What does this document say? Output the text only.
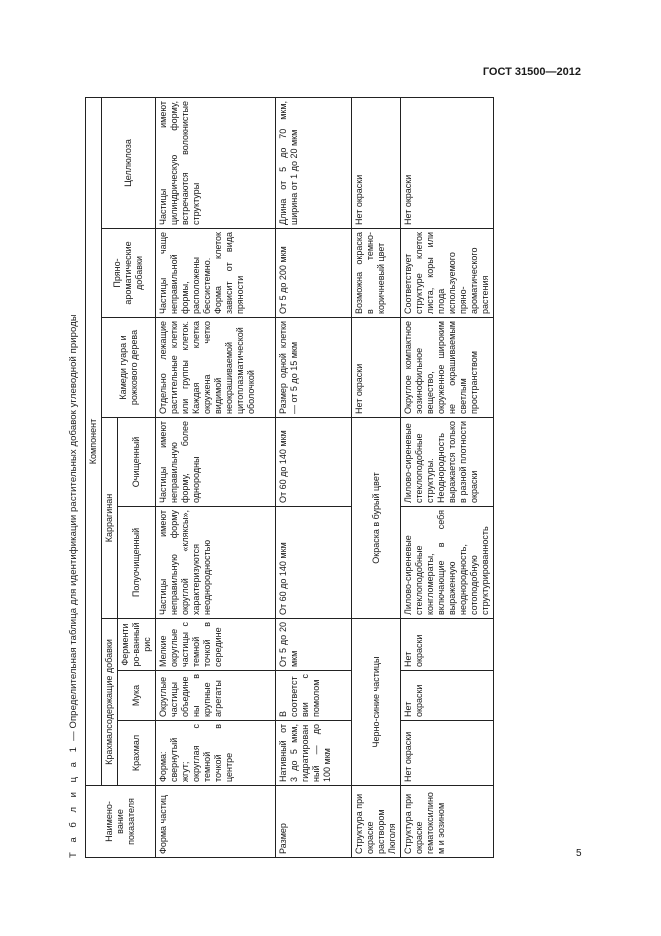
ГОСТ 31500—2012
Т а б л и ц а 1 — Определительная таблица для идентификации растительных добавок углеводной природы
Наимено-вание показателя	Компонент							
	Крахмалсодержащие добавки			Каррагинан		Камеди гуара и рожкового дерева	Пряно-ароматические добавки	Целлюлоза
	Крахмал	Мука	Ферментиро-ванный рис	Полуочищенный	Очищенный			
Форма частиц	Форма: свернутый жгут; округлая с темной точкой в центре	Округлые частицы объединены в крупные агрегаты	Мелкие округлые частицы с темной точкой в середине	Частицы имеют неправильную форму округлой «кляксы», характеризуются неоднородностью	Частицы имеют неправильную форму, более однородны	Отдельно лежащие растительные клетки или группы клеток. Каждая клетка окружена четко видимой неокрашиваемой цитоплазматической оболочкой	Частицы чаще неправильной формы, расположены бессистемно. Форма клеток зависит от вида пряности	Частицы имеют цилиндрическую форму, встречаются волокнистые структуры
Размер	Нативный от 3 до 5 мкм, гидратированный — до 100 мкм	В соответствии с помолом	От 5 до 20 мкм	От 60 до 140 мкм	От 60 до 140 мкм	Размер одной клетки — от 5 до 15 мкм	От 5 до 200 мкм	Длина от 5 до 70 мкм, ширина от 1 до 20 мкм
Структура при окраске раствором Люголя	Черно-синие частицы			Окраска в бурый цвет		Нет окраски	Возможна окраска в темно-коричневый цвет	Нет окраски
Структура при окраске гематоксилином и эозином	Нет окраски	Нет окраски	Нет окраски	Лилово-сиреневые стеклоподобные конгломераты, включающие в себя выраженную неоднородность, сотоподобную структурированность	Лилово-сиреневые стеклоподобные структуры. Неоднородность выражается только в разной плотности окраски	Округлое компактное эозинофильное вещество, окруженное широким не окрашиваемым светлым пространством	Соответствует структуре клеток листа, коры или плода используемого пряно-ароматического растения	Нет окраски
5
